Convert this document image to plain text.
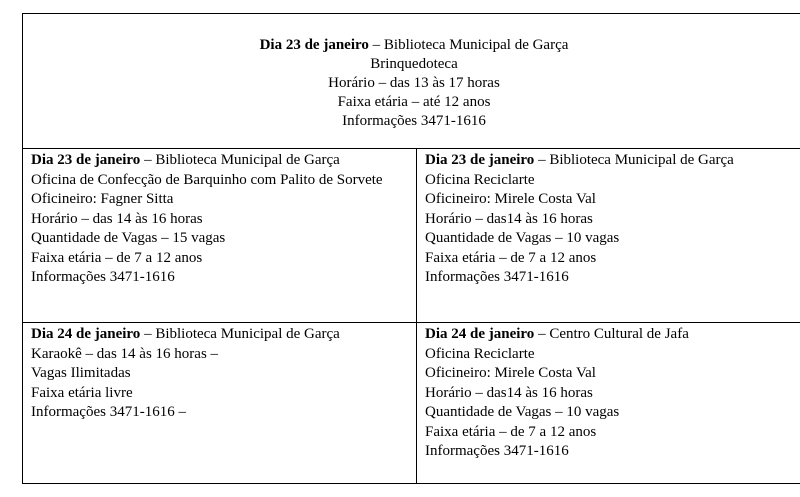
Dia 23 de janeiro – Biblioteca Municipal de Garça
Brinquedoteca
Horário – das 13 às 17 horas
Faixa etária – até 12 anos
Informações 3471-1616
Dia 23 de janeiro – Biblioteca Municipal de Garça
Oficina de Confecção de Barquinho com Palito de Sorvete
Oficineiro: Fagner Sitta
Horário – das 14 às 16 horas
Quantidade de Vagas – 15 vagas
Faixa etária – de 7 a 12 anos
Informações 3471-1616
Dia 23 de janeiro – Biblioteca Municipal de Garça
Oficina Reciclarte
Oficineiro: Mirele Costa Val
Horário – das14 às 16 horas
Quantidade de Vagas – 10 vagas
Faixa etária – de 7 a 12 anos
Informações 3471-1616
Dia 24 de janeiro – Biblioteca Municipal de Garça
Karaokê – das 14 às 16 horas –
Vagas Ilimitadas
Faixa etária livre
Informações 3471-1616 –
Dia 24 de janeiro – Centro Cultural de Jafa
Oficina Reciclarte
Oficineiro: Mirele Costa Val
Horário – das14 às 16 horas
Quantidade de Vagas – 10 vagas
Faixa etária – de 7 a 12 anos
Informações 3471-1616
